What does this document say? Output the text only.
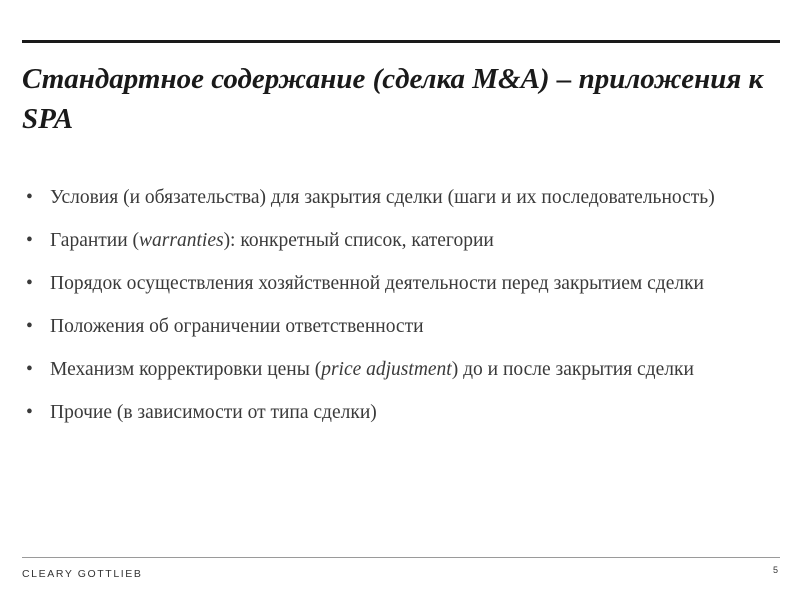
Стандартное содержание (сделка M&A) – приложения к SPA
• Условия (и обязательства) для закрытия сделки (шаги и их последовательность)
• Гарантии (warranties): конкретный список, категории
• Порядок осуществления хозяйственной деятельности перед закрытием сделки
• Положения об ограничении ответственности
• Механизм корректировки цены (price adjustment) до и после закрытия сделки
• Прочие (в зависимости от типа сделки)
CLEARY GOTTLIEB	5
